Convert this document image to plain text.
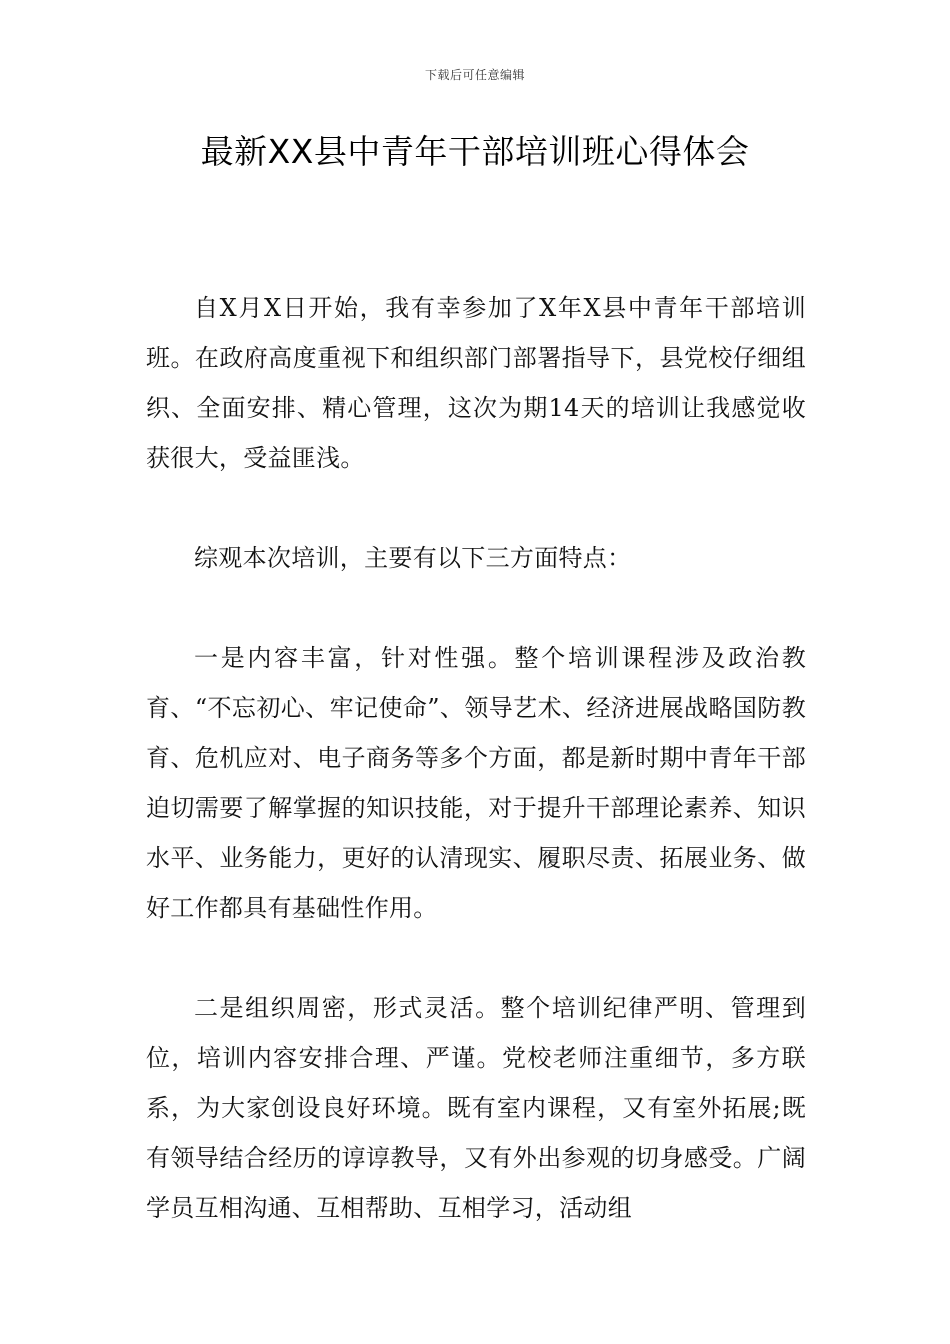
下载后可任意编辑
最新XX县中青年干部培训班心得体会

自X月X日开始，我有幸参加了X年X县中青年干部培训班。在政府高度重视下和组织部门部署指导下，县党校仔细组织、全面安排、精心管理，这次为期14天的培训让我感觉收获很大，受益匪浅。

综观本次培训，主要有以下三方面特点：

一是内容丰富，针对性强。整个培训课程涉及政治教育、“不忘初心、牢记使命”、领导艺术、经济进展战略国防教育、危机应对、电子商务等多个方面，都是新时期中青年干部迫切需要了解掌握的知识技能，对于提升干部理论素养、知识水平、业务能力，更好的认清现实、履职尽责、拓展业务、做好工作都具有基础性作用。

二是组织周密，形式灵活。整个培训纪律严明、管理到位，培训内容安排合理、严谨。党校老师注重细节，多方联系，为大家创设良好环境。既有室内课程，又有室外拓展;既有领导结合经历的谆谆教导，又有外出参观的切身感受。广阔学员互相沟通、互相帮助、互相学习，活动组
